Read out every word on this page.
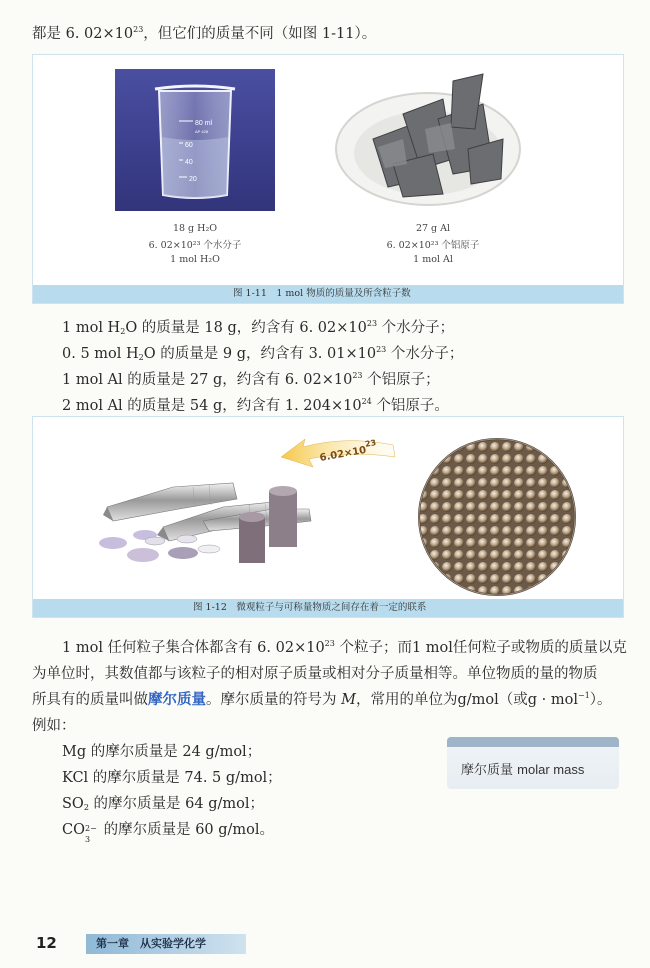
都是 6. $02\times 10^{23}$，但它们的质量不同（如图 1-11）。
80 ml
AP 428
60
40
20
18 g H₂O
6. 02×10²³ 个水分子
1 mol H₂O
27 g Al
6. 02×10²³ 个铝原子
1 mol Al
图 1-11　1 mol 物质的质量及所含粒子数
1 mol $H_2O$ 的质量是 18 g，约含有 6. $02\times 10^{23}$ 个水分子；
0. 5 mol $H_2O$ 的质量是 9 g，约含有 3. $01\times 10^{23}$ 个水分子；
1 mol Al 的质量是 27 g，约含有 6. $02\times 10^{23}$ 个铝原子；
2 mol Al 的质量是 54 g，约含有 1. $204\times 10^{24}$ 个铝原子。
$6.02\times 10^{23}$
图 1-12　微观粒子与可称量物质之间存在着一定的联系
1 mol 任何粒子集合体都含有 6. $02\times 10^{23}$ 个粒子；而1 mol任何粒子或物质的质量以克
为单位时，其数值都与该粒子的相对原子质量或相对分子质量相等。单位物质的量的物质
所具有的质量叫做摩尔质量。摩尔质量的符号为 M，常用的单位为g/mol（或g · mol$^{-1}$）。
例如：
Mg 的摩尔质量是 24 g/mol；
KCl 的摩尔质量是 74. 5 g/mol；
$SO_2$ 的摩尔质量是 64 g/mol；
CO 2−
3
的摩尔质量是 60 g/mol。
摩尔质量 molar mass
12	第一章　从实验学化学
